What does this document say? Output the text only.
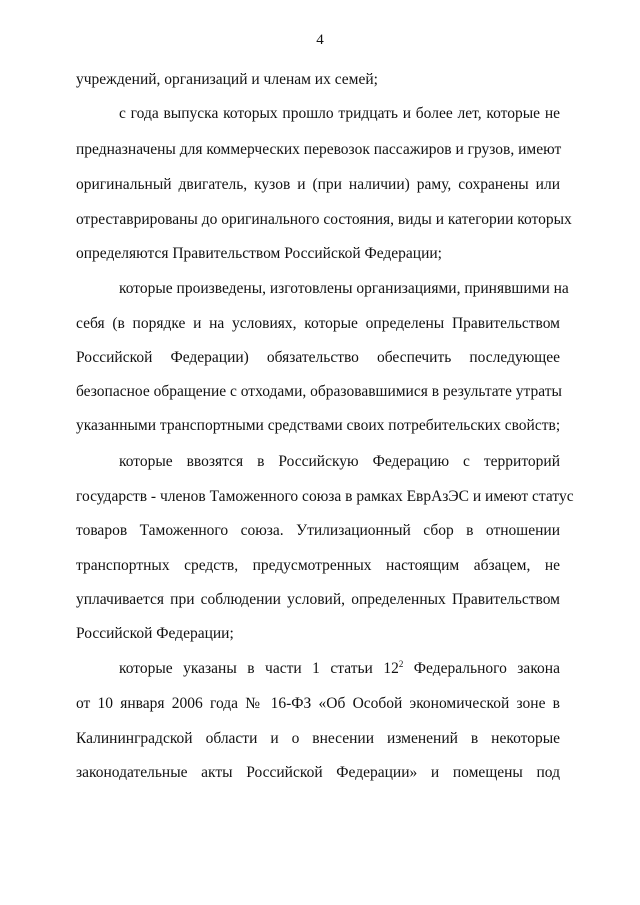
4
учреждений, организаций и членам их семей;
с года выпуска которых прошло тридцать и более лет, которые не
предназначены для коммерческих перевозок пассажиров и грузов, имеют
оригинальный двигатель, кузов и (при наличии) раму, сохранены или
отреставрированы до оригинального состояния, виды и категории которых
определяются Правительством Российской Федерации;
которые произведены, изготовлены организациями, принявшими на
себя (в порядке и на условиях, которые определены Правительством
Российской Федерации) обязательство обеспечить последующее
безопасное обращение с отходами, образовавшимися в результате утраты
указанными транспортными средствами своих потребительских свойств;
которые ввозятся в Российскую Федерацию с территорий
государств - членов Таможенного союза в рамках ЕврАзЭС и имеют статус
товаров Таможенного союза. Утилизационный сбор в отношении
транспортных средств, предусмотренных настоящим абзацем, не
уплачивается при соблюдении условий, определенных Правительством
Российской Федерации;
которые указаны в части 1 статьи $12^2$ Федерального закона
от 10 января 2006 года № 16-ФЗ «Об Особой экономической зоне в
Калининградской области и о внесении изменений в некоторые
законодательные акты Российской Федерации» и помещены под
